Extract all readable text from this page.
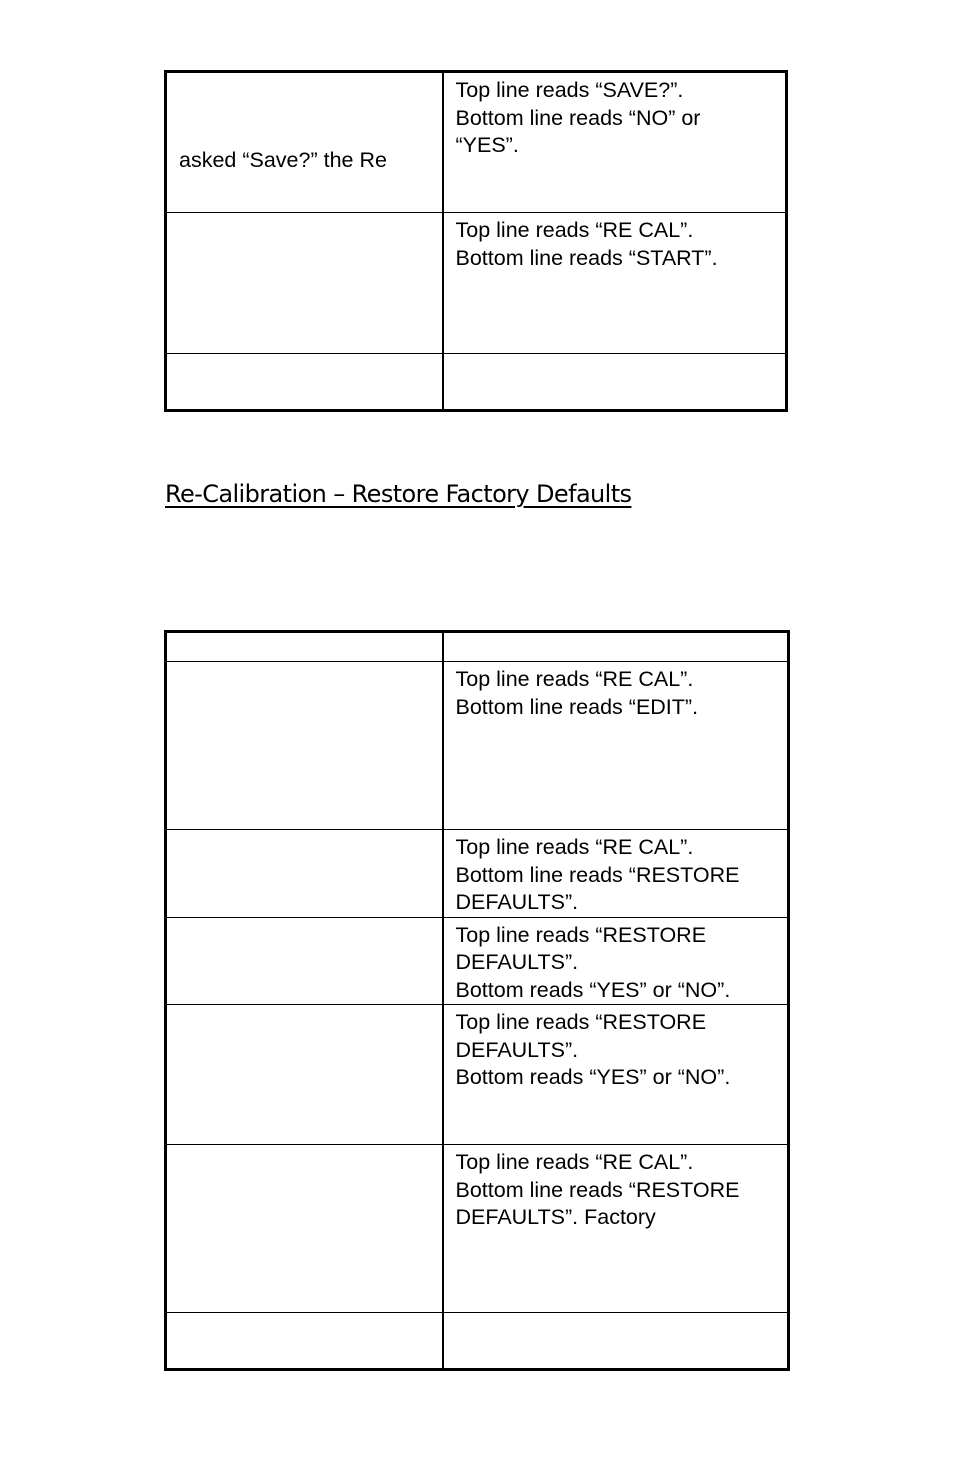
asked “Save?” the Re	Top line reads “SAVE?”.
Bottom line reads “NO” or
“YES”.

	Top line reads “RE CAL”.
Bottom line reads “START”.

Re-Calibration – Restore Factory Defaults

	Top line reads “RE CAL”.
Bottom line reads “EDIT”.

	Top line reads “RE CAL”.
Bottom line reads “RESTORE
DEFAULTS”.

	Top line reads “RESTORE
DEFAULTS”.
Bottom reads “YES” or “NO”.

	Top line reads “RESTORE
DEFAULTS”.
Bottom reads “YES” or “NO”.

	Top line reads “RE CAL”.
Bottom line reads “RESTORE
DEFAULTS”. Factory
